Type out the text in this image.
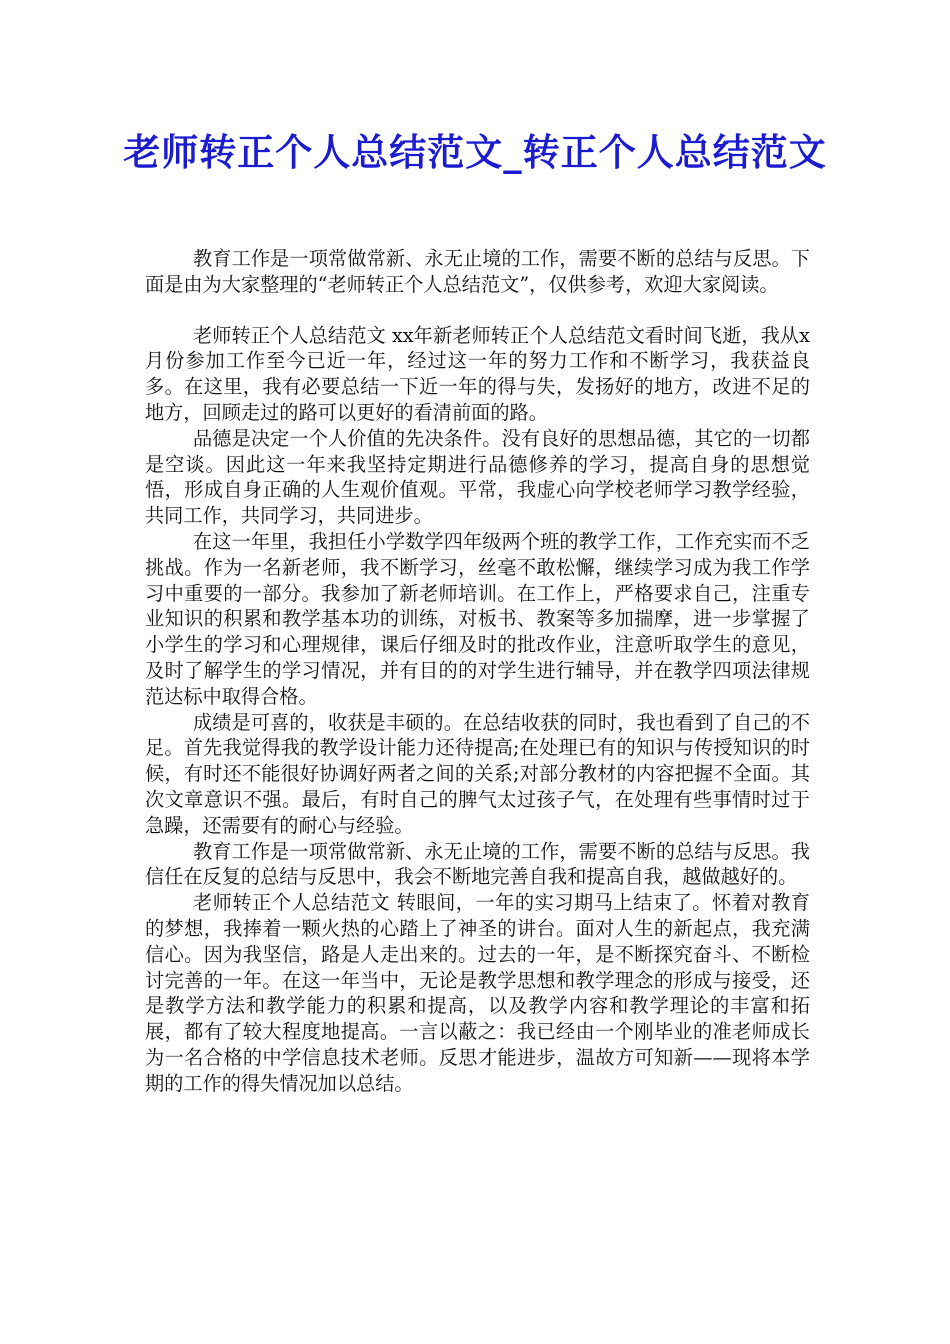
老师转正个人总结范文_转正个人总结范文

教育工作是一项常做常新、永无止境的工作，需要不断的总结与反思。下面是由为大家整理的“老师转正个人总结范文”，仅供参考，欢迎大家阅读。

老师转正个人总结范文 xx年新老师转正个人总结范文看时间飞逝，我从x月份参加工作至今已近一年，经过这一年的努力工作和不断学习，我获益良多。在这里，我有必要总结一下近一年的得与失，发扬好的地方，改进不足的地方，回顾走过的路可以更好的看清前面的路。

品德是决定一个人价值的先决条件。没有良好的思想品德，其它的一切都是空谈。因此这一年来我坚持定期进行品德修养的学习，提高自身的思想觉悟，形成自身正确的人生观价值观。平常，我虚心向学校老师学习教学经验，共同工作，共同学习，共同进步。

在这一年里，我担任小学数学四年级两个班的教学工作，工作充实而不乏挑战。作为一名新老师，我不断学习，丝毫不敢松懈，继续学习成为我工作学习中重要的一部分。我参加了新老师培训。在工作上，严格要求自己，注重专业知识的积累和教学基本功的训练，对板书、教案等多加揣摩，进一步掌握了小学生的学习和心理规律，课后仔细及时的批改作业，注意听取学生的意见，及时了解学生的学习情况，并有目的的对学生进行辅导，并在教学四项法律规范达标中取得合格。

成绩是可喜的，收获是丰硕的。在总结收获的同时，我也看到了自己的不足。首先我觉得我的教学设计能力还待提高;在处理已有的知识与传授知识的时候，有时还不能很好协调好两者之间的关系;对部分教材的内容把握不全面。其次文章意识不强。最后，有时自己的脾气太过孩子气，在处理有些事情时过于急躁，还需要有的耐心与经验。

教育工作是一项常做常新、永无止境的工作，需要不断的总结与反思。我信任在反复的总结与反思中，我会不断地完善自我和提高自我，越做越好的。

老师转正个人总结范文 转眼间，一年的实习期马上结束了。怀着对教育的梦想，我捧着一颗火热的心踏上了神圣的讲台。面对人生的新起点，我充满信心。因为我坚信，路是人走出来的。过去的一年，是不断探究奋斗、不断检讨完善的一年。在这一年当中，无论是教学思想和教学理念的形成与接受，还是教学方法和教学能力的积累和提高，以及教学内容和教学理论的丰富和拓展，都有了较大程度地提高。一言以蔽之：我已经由一个刚毕业的准老师成长为一名合格的中学信息技术老师。反思才能进步，温故方可知新——现将本学期的工作的得失情况加以总结。
